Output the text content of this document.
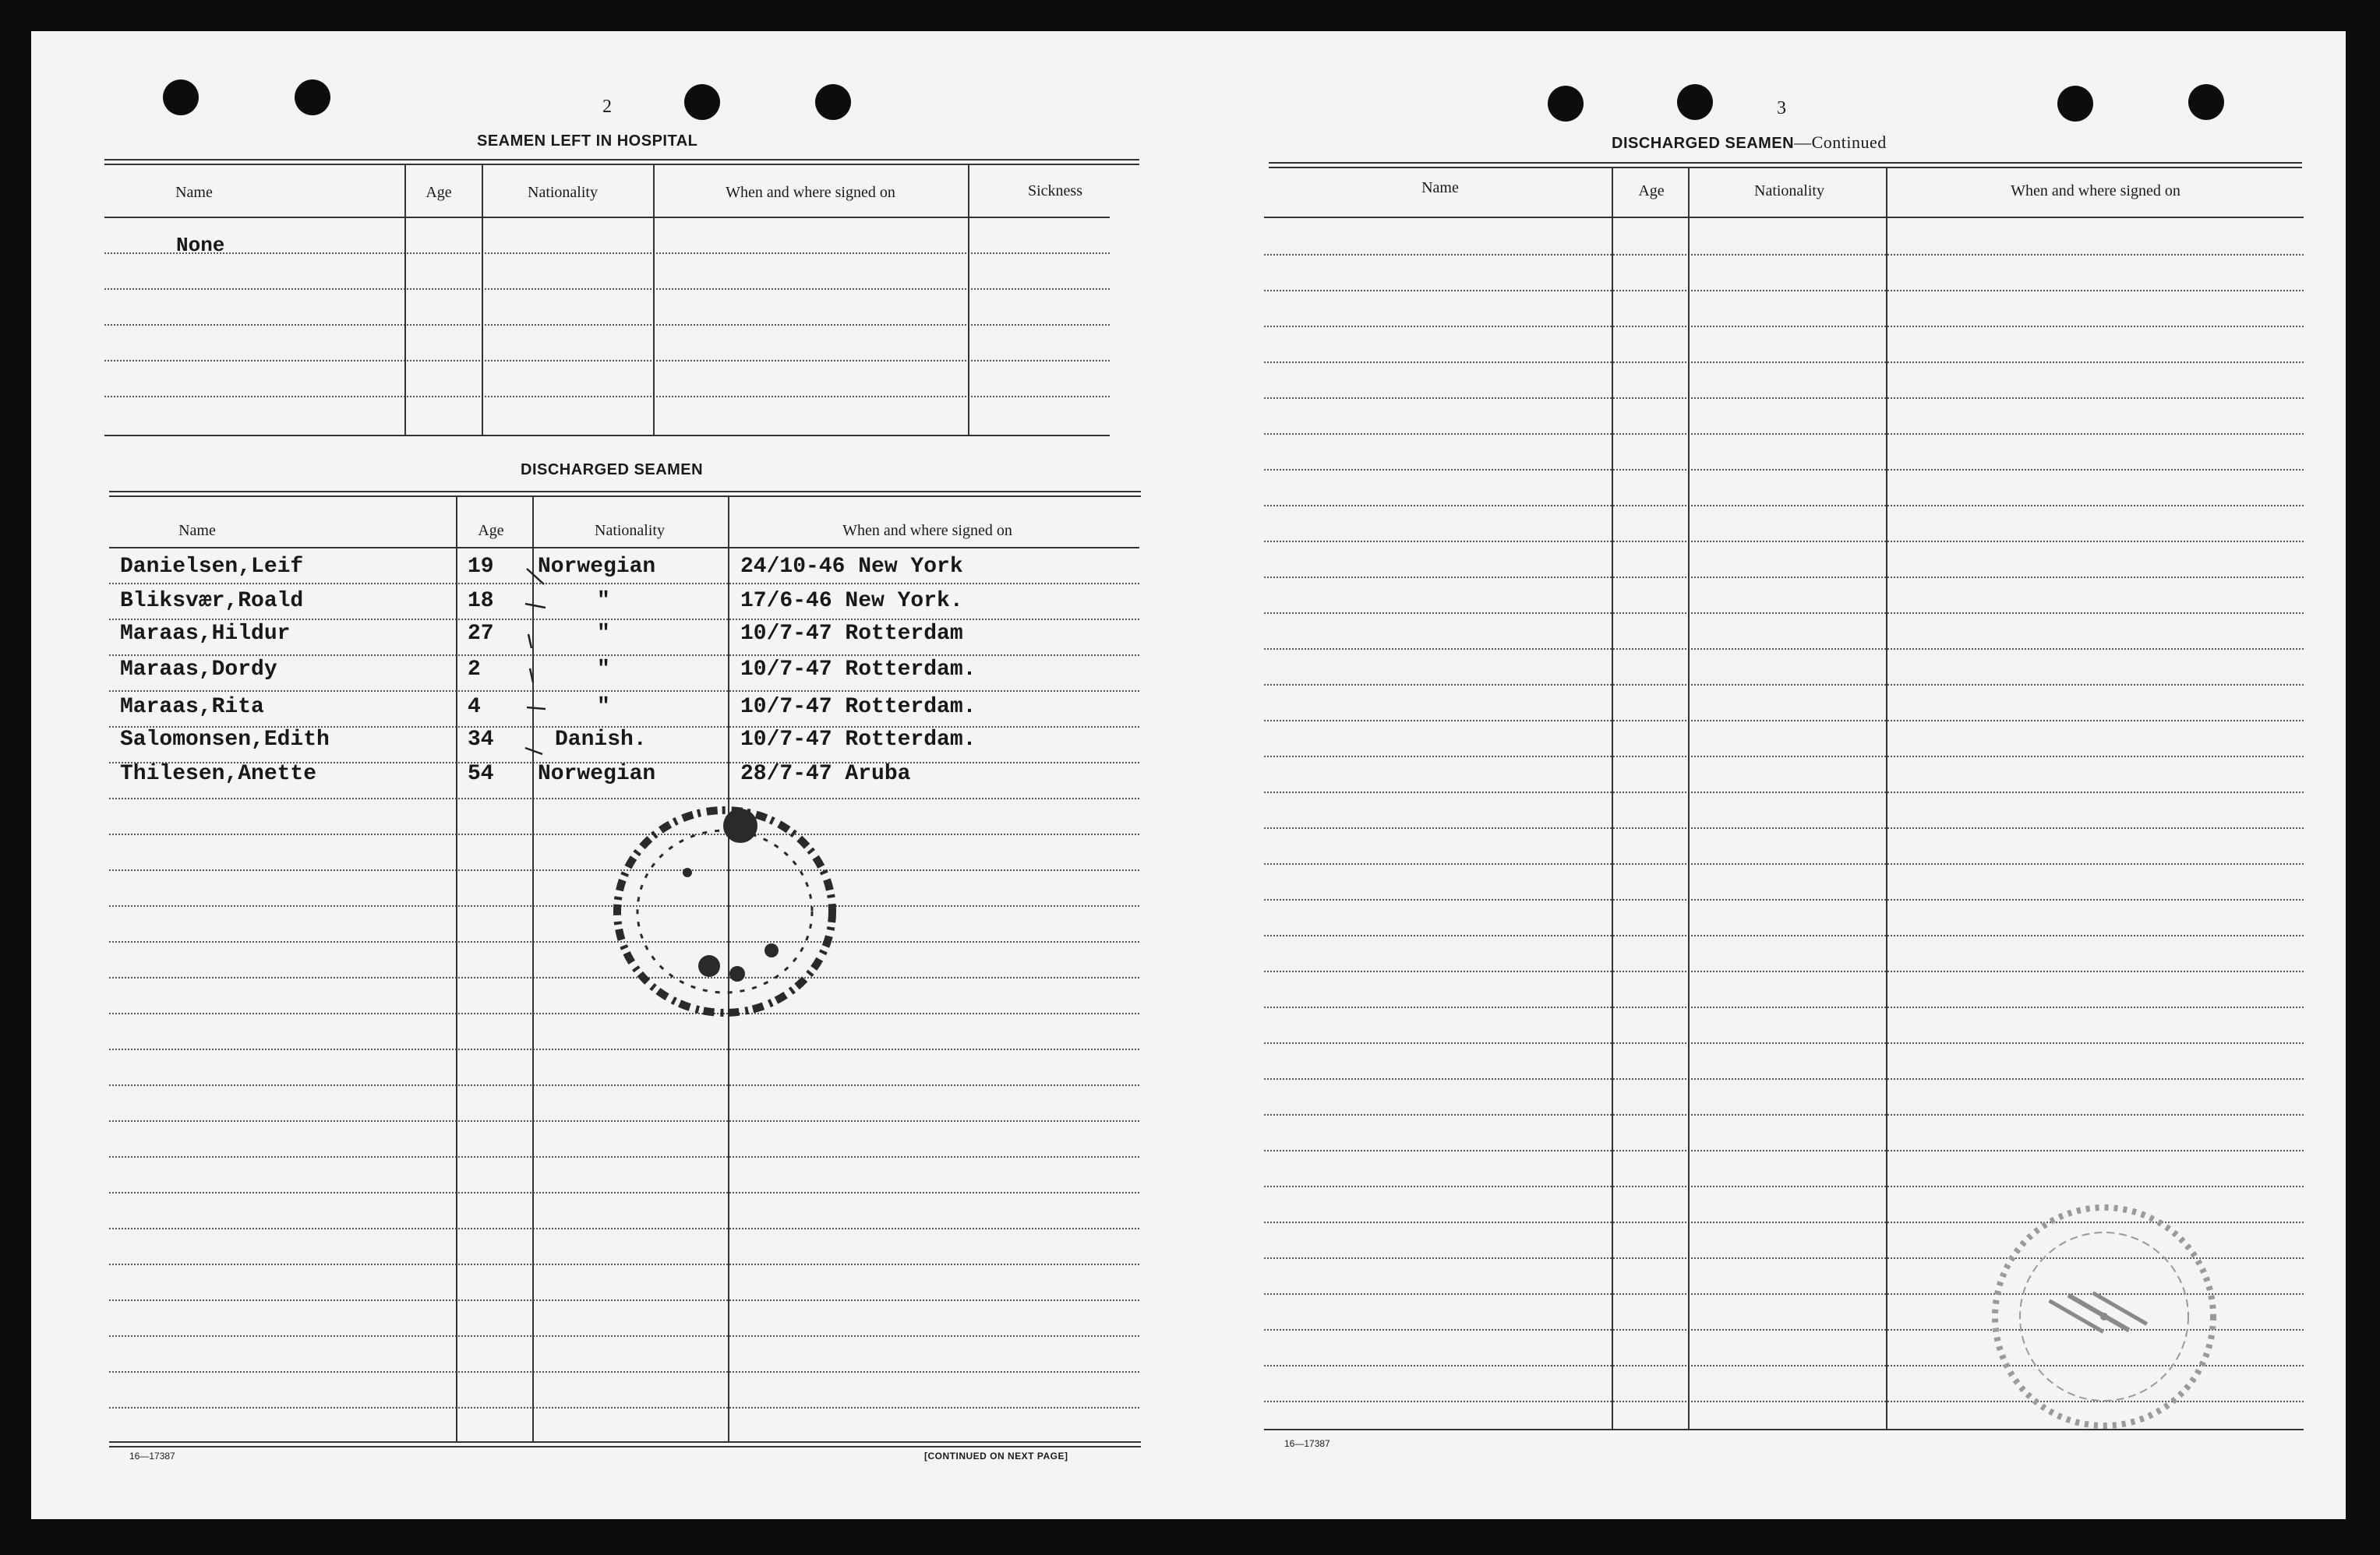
2
SEAMEN LEFT IN HOSPITAL
Name	Age	Nationality	When and where signed on	Sickness
None
DISCHARGED SEAMEN
Name	Age	Nationality	When and where signed on
Danielsen,Leif	19 Norwegian	24/10-46 New York
Bliksvær,Roald	18	"	17/6-46 New York.
Maraas,Hildur	27	"	10/7-47 Rotterdam
Maraas,Dordy	2	"	10/7-47 Rotterdam.
Maraas,Rita	4	"	10/7-47 Rotterdam.
Salomonsen,Edith	34	Danish.	10/7-47 Rotterdam.
Thilesen,Anette	54 Norwegian	28/7-47 Aruba
16—17387	[CONTINUED ON NEXT PAGE]
3
DISCHARGED SEAMEN—Continued
Name	Age	Nationality	When and where signed on
16—17387
